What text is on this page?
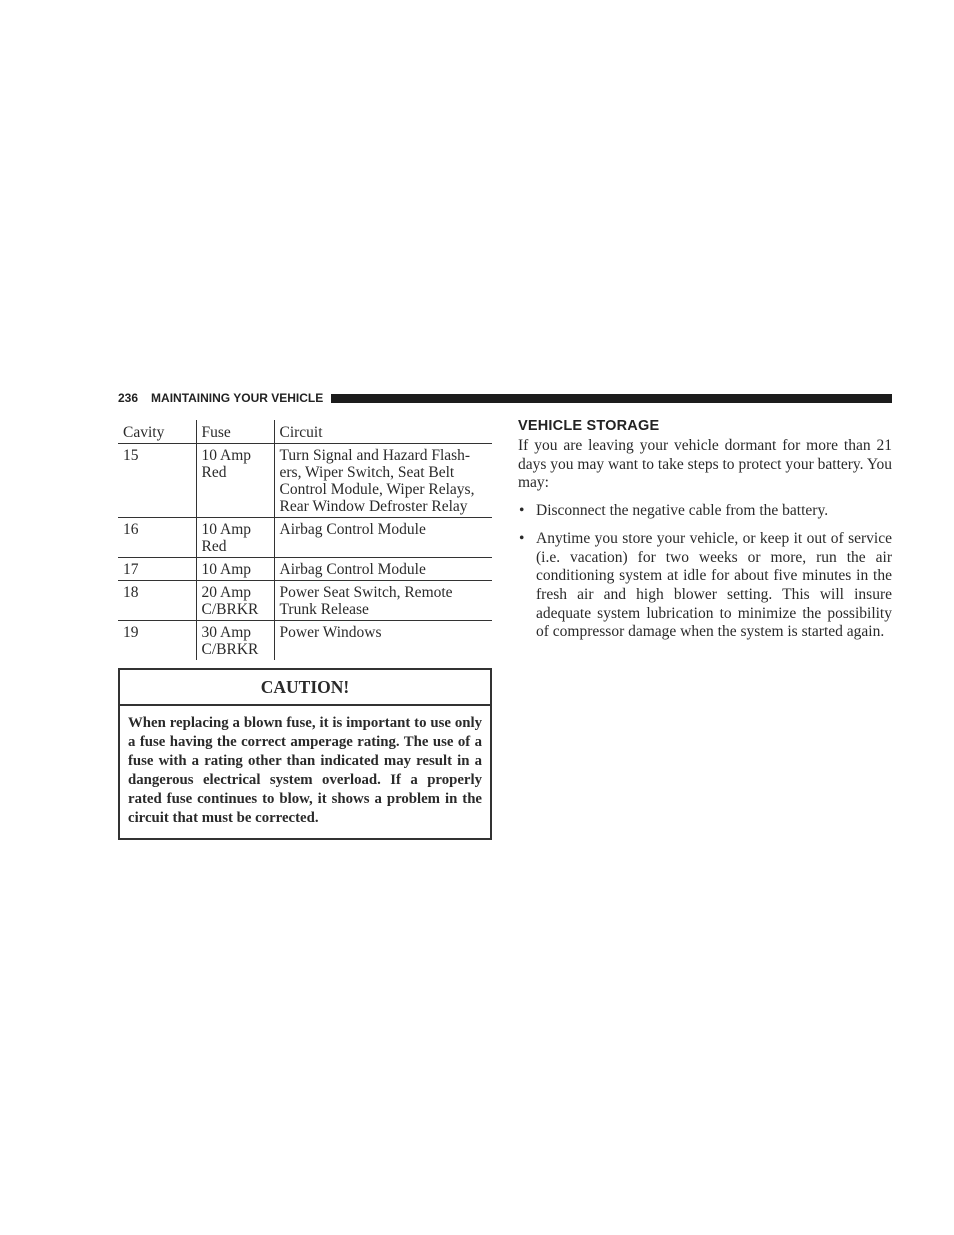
236 MAINTAINING YOUR VEHICLE
Cavity	Fuse	Circuit
15	10 Amp Red	Turn Signal and Hazard Flash-ers, Wiper Switch, Seat Belt Control Module, Wiper Relays, Rear Window Defroster Relay
16	10 Amp Red	Airbag Control Module
17	10 Amp	Airbag Control Module
18	20 Amp C/BRKR	Power Seat Switch, Remote Trunk Release
19	30 Amp C/BRKR	Power Windows
CAUTION!
When replacing a blown fuse, it is important to use only a fuse having the correct amperage rating. The use of a fuse with a rating other than indicated may result in a dangerous electrical system overload. If a properly rated fuse continues to blow, it shows a problem in the circuit that must be corrected.
VEHICLE STORAGE

If you are leaving your vehicle dormant for more than 21 days you may want to take steps to protect your battery. You may:

• Disconnect the negative cable from the battery.
• Anytime you store your vehicle, or keep it out of service (i.e. vacation) for two weeks or more, run the air conditioning system at idle for about five minutes in the fresh air and high blower setting. This will insure adequate system lubrication to minimize the possibility of compressor damage when the system is started again.
